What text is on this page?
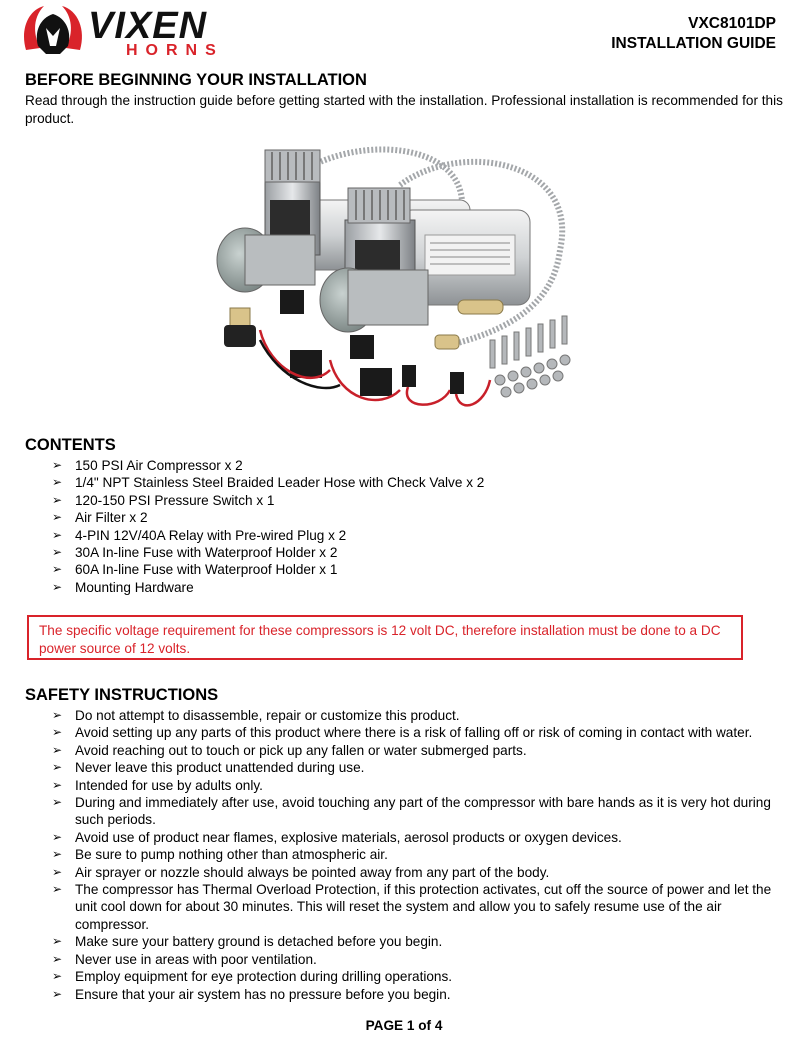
VIXEN
HORNS
VXC8101DP
INSTALLATION GUIDE
BEFORE BEGINNING YOUR INSTALLATION
Read through the instruction guide before getting started with the installation. Professional installation is recommended for this product.
CONTENTS
➢ 150 PSI Air Compressor x 2
➢ 1/4" NPT Stainless Steel Braided Leader Hose with Check Valve x 2
➢ 120-150 PSI Pressure Switch x 1
➢ Air Filter x 2
➢ 4-PIN 12V/40A Relay with Pre-wired Plug x 2
➢ 30A In-line Fuse with Waterproof Holder x 2
➢ 60A In-line Fuse with Waterproof Holder x 1
➢ Mounting Hardware
The specific voltage requirement for these compressors is 12 volt DC, therefore installation must be done to a DC power source of 12 volts.
SAFETY INSTRUCTIONS
➢ Do not attempt to disassemble, repair or customize this product.
➢ Avoid setting up any parts of this product where there is a risk of falling off or risk of coming in contact with water.
➢ Avoid reaching out to touch or pick up any fallen or water submerged parts.
➢ Never leave this product unattended during use.
➢ Intended for use by adults only.
➢ During and immediately after use, avoid touching any part of the compressor with bare hands as it is very hot during such periods.
➢ Avoid use of product near flames, explosive materials, aerosol products or oxygen devices.
➢ Be sure to pump nothing other than atmospheric air.
➢ Air sprayer or nozzle should always be pointed away from any part of the body.
➢ The compressor has Thermal Overload Protection, if this protection activates, cut off the source of power and let the unit cool down for about 30 minutes. This will reset the system and allow you to safely resume use of the air compressor.
➢ Make sure your battery ground is detached before you begin.
➢ Never use in areas with poor ventilation.
➢ Employ equipment for eye protection during drilling operations.
➢ Ensure that your air system has no pressure before you begin.
PAGE 1 of 4
